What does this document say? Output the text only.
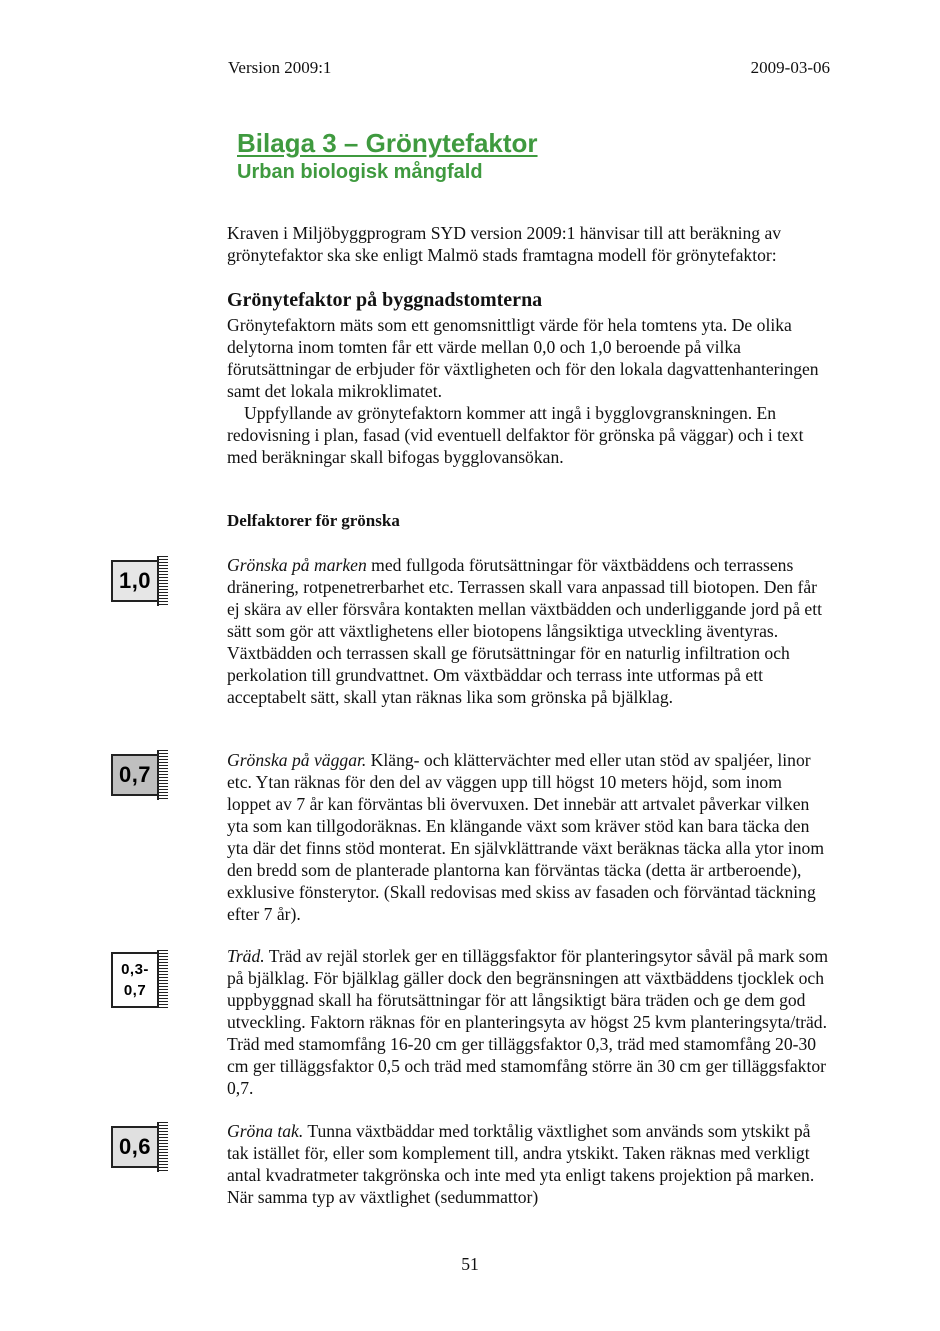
Version 2009:1	2009-03-06
Bilaga 3 – Grönytefaktor
Urban biologisk mångfald

Kraven i Miljöbyggprogram SYD version 2009:1 hänvisar till att beräkning av grönytefaktor ska ske enligt Malmö stads framtagna modell för grönytefaktor:

Grönytefaktor på byggnadstomterna

Grönytefaktorn mäts som ett genomsnittligt värde för hela tomtens yta. De olika delytorna inom tomten får ett värde mellan 0,0 och 1,0 beroende på vilka förutsättningar de erbjuder för växtligheten och för den lokala dagvattenhanteringen samt det lokala mikroklimatet.

Uppfyllande av grönytefaktorn kommer att ingå i bygglovgranskningen. En redovisning i plan, fasad (vid eventuell delfaktor för grönska på väggar) och i text med beräkningar skall bifogas bygglovansökan.

Delfaktorer för grönska
1,0

Grönska på marken med fullgoda förutsättningar för växtbäddens och terrassens dränering, rotpenetrerbarhet etc. Terrassen skall vara anpassad till biotopen. Den får ej skära av eller försvåra kontakten mellan växtbädden och underliggande jord på ett sätt som gör att växtlighetens eller biotopens långsiktiga utveckling äventyras. Växtbädden och terrassen skall ge förutsättningar för en naturlig infiltration och perkolation till grundvattnet. Om växtbäddar och terrass inte utformas på ett acceptabelt sätt, skall ytan räknas lika som grönska på bjälklag.

0,7

Grönska på väggar. Kläng- och klättervächter med eller utan stöd av spaljéer, linor etc. Ytan räknas för den del av väggen upp till högst 10 meters höjd, som inom loppet av 7 år kan förväntas bli övervuxen. Det innebär att artvalet påverkar vilken yta som kan tillgodoräknas. En klängande växt som kräver stöd kan bara täcka den yta där det finns stöd monterat. En självklättrande växt beräknas täcka alla ytor inom den bredd som de planterade plantorna kan förväntas täcka (detta är artberoende), exklusive fönsterytor. (Skall redovisas med skiss av fasaden och förväntad täckning efter 7 år).

0,3-
0,7

Träd. Träd av rejäl storlek ger en tilläggsfaktor för planteringsytor såväl på mark som på bjälklag. För bjälklag gäller dock den begränsningen att växtbäddens tjocklek och uppbyggnad skall ha förutsättningar för att långsiktigt bära träden och ge dem god utveckling. Faktorn räknas för en planteringsyta av högst 25 kvm planteringsyta/träd. Träd med stamomfång 16-20 cm ger tilläggsfaktor 0,3, träd med stamomfång 20-30 cm ger tilläggsfaktor 0,5 och träd med stamomfång större än 30 cm ger tilläggsfaktor 0,7.

0,6

Gröna tak. Tunna växtbäddar med torktålig växtlighet som används som ytskikt på tak istället för, eller som komplement till, andra ytskikt. Taken räknas med verkligt antal kvadratmeter takgrönska och inte med yta enligt takens projektion på marken. När samma typ av växtlighet (sedummattor)

51
